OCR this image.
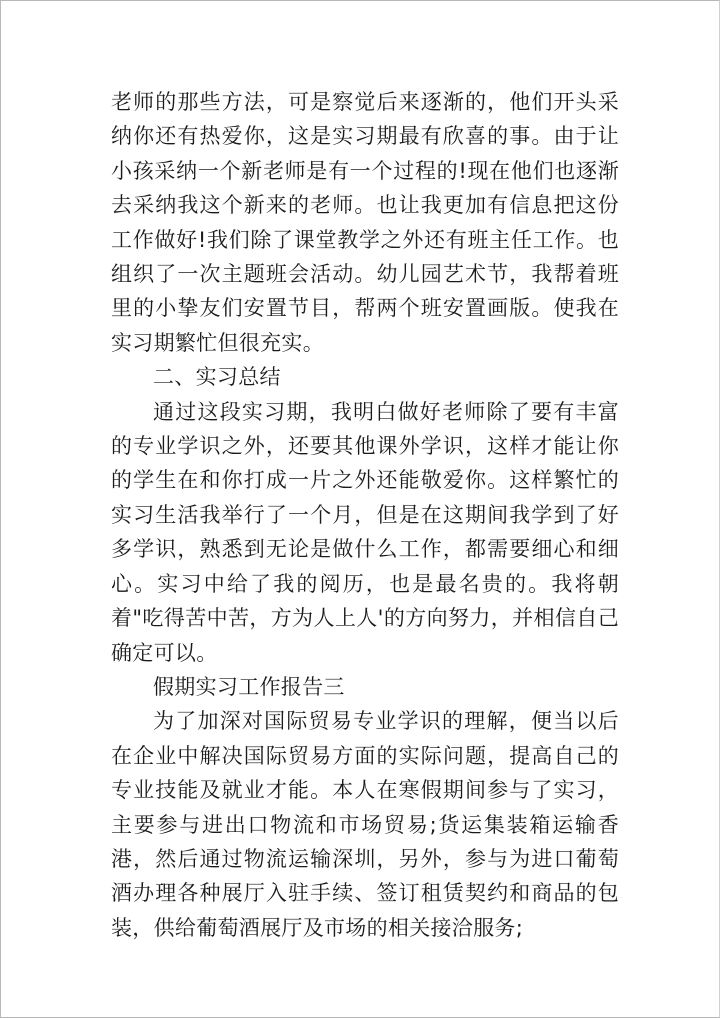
老师的那些方法，可是察觉后来逐渐的，他们开头采纳你还有热爱你，这是实习期最有欣喜的事。由于让小孩采纳一个新老师是有一个过程的!现在他们也逐渐去采纳我这个新来的老师。也让我更加有信息把这份工作做好!我们除了课堂教学之外还有班主任工作。也组织了一次主题班会活动。幼儿园艺术节，我帮着班里的小挚友们安置节目，帮两个班安置画版。使我在实习期繁忙但很充实。

二、实习总结

通过这段实习期，我明白做好老师除了要有丰富的专业学识之外，还要其他课外学识，这样才能让你的学生在和你打成一片之外还能敬爱你。这样繁忙的实习生活我举行了一个月，但是在这期间我学到了好多学识，熟悉到无论是做什么工作，都需要细心和细心。实习中给了我的阅历，也是最名贵的。我将朝着"吃得苦中苦，方为人上人'的方向努力，并相信自己确定可以。

假期实习工作报告三

为了加深对国际贸易专业学识的理解，便当以后在企业中解决国际贸易方面的实际问题，提高自己的专业技能及就业才能。本人在寒假期间参与了实习，主要参与进出口物流和市场贸易;货运集装箱运输香港，然后通过物流运输深圳，另外，参与为进口葡萄酒办理各种展厅入驻手续、签订租赁契约和商品的包装，供给葡萄酒展厅及市场的相关接洽服务;
